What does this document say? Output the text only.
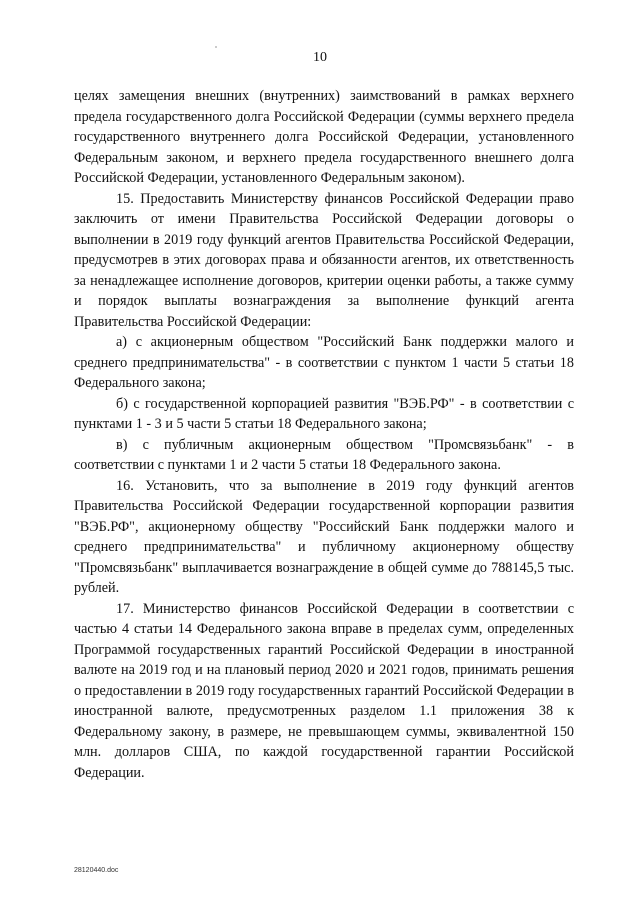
10

целях замещения внешних (внутренних) заимствований в рамках верхнего предела государственного долга Российской Федерации (суммы верхнего предела государственного внутреннего долга Российской Федерации, установленного Федеральным законом, и верхнего предела государственного внешнего долга Российской Федерации, установленного Федеральным законом).

15. Предоставить Министерству финансов Российской Федерации право заключить от имени Правительства Российской Федерации договоры о выполнении в 2019 году функций агентов Правительства Российской Федерации, предусмотрев в этих договорах права и обязанности агентов, их ответственность за ненадлежащее исполнение договоров, критерии оценки работы, а также сумму и порядок выплаты вознаграждения за выполнение функций агента Правительства Российской Федерации:

а) с акционерным обществом "Российский Банк поддержки малого и среднего предпринимательства" - в соответствии с пунктом 1 части 5 статьи 18 Федерального закона;

б) с государственной корпорацией развития "ВЭБ.РФ" - в соответствии с пунктами 1 - 3 и 5 части 5 статьи 18 Федерального закона;

в) с публичным акционерным обществом "Промсвязьбанк" - в соответствии с пунктами 1 и 2 части 5 статьи 18 Федерального закона.

16. Установить, что за выполнение в 2019 году функций агентов Правительства Российской Федерации государственной корпорации развития "ВЭБ.РФ", акционерному обществу "Российский Банк поддержки малого и среднего предпринимательства" и публичному акционерному обществу "Промсвязьбанк" выплачивается вознаграждение в общей сумме до 788145,5 тыс. рублей.

17. Министерство финансов Российской Федерации в соответствии с частью 4 статьи 14 Федерального закона вправе в пределах сумм, определенных Программой государственных гарантий Российской Федерации в иностранной валюте на 2019 год и на плановый период 2020 и 2021 годов, принимать решения о предоставлении в 2019 году государственных гарантий Российской Федерации в иностранной валюте, предусмотренных разделом 1.1 приложения 38 к Федеральному закону, в размере, не превышающем суммы, эквивалентной 150 млн. долларов США, по каждой государственной гарантии Российской Федерации.

28120440.doc
